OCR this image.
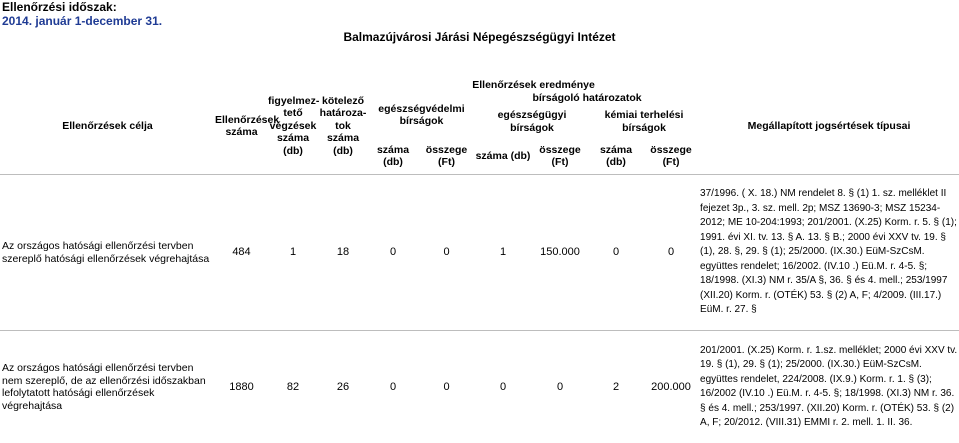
Ellenőrzési időszak:
2014. január 1-december 31.
Balmazújvárosi Járási Népegészségügyi Intézet
Ellenőrzések célja	Ellenőrzések száma	figyelmez-tető végzések száma (db)	kötelező határoza-tok száma (db)	Ellenőrzések eredménye						Megállapított jogsértések típusai
				egészségvédelmi bírságok		bírságoló határozatok				
						egészségügyi bírságok		kémiai terhelési bírságok		
				száma (db)	összege (Ft)	száma (db)	összege (Ft)	száma (db)	összege (Ft)	
Az országos hatósági ellenőrzési tervben szereplő hatósági ellenőrzések végrehajtása	484	1	18	0	0	1	150.000	0	0	37/1996. ( X. 18.) NM rendelet 8. § (1) 1. sz. melléklet II fejezet 3p., 3. sz. mell. 2p; MSZ 13690-3; MSZ 15234-2012; ME 10-204:1993; 201/2001. (X.25) Korm. r. 5. § (1); 1991. évi XI. tv. 13. § A. 13. § B.; 2000 évi XXV tv. 19. § (1), 28. §, 29. § (1); 25/2000. (IX.30.) EüM-SzCsM. együttes rendelet; 16/2002. (IV.10 .) Eü.M. r. 4-5. §; 18/1998. (XI.3) NM r. 35/A §, 36. § és 4. mell.; 253/1997 (XII.20) Korm. r. (OTÉK) 53. § (2) A, F; 4/2009. (III.17.) EüM. r. 27. §
Az országos hatósági ellenőrzési tervben nem szereplő, de az ellenőrzési időszakban lefolytatott hatósági ellenőrzések végrehajtása	1880	82	26	0	0	0	0	2	200.000	201/2001. (X.25) Korm. r. 1.sz. melléklet; 2000 évi XXV tv. 19. § (1), 29. § (1); 25/2000. (IX.30.) EüM-SzCsM. együttes rendelet, 224/2008. (IX.9.) Korm. r. 1. § (3); 16/2002 (IV.10 .) Eü.M. r. 4-5. §; 18/1998. (XI.3) NM r. 36. § és 4. mell.; 253/1997. (XII.20) Korm. r. (OTÉK) 53. § (2) A, F; 20/2012. (VIII.31) EMMI r. 2. mell. 1. II. 36.
